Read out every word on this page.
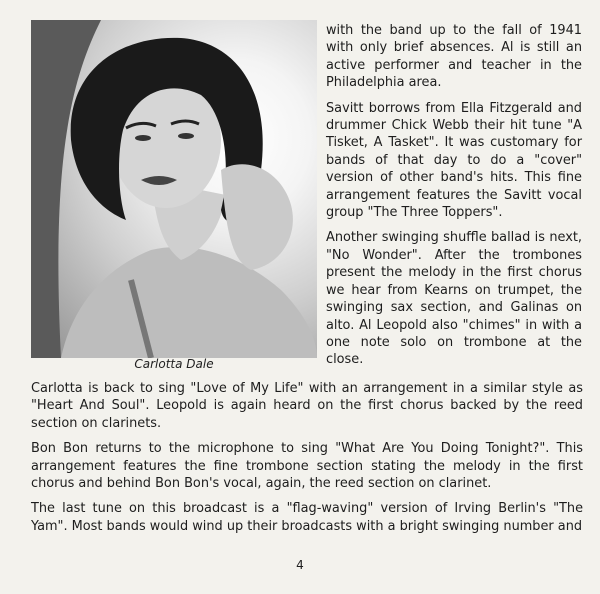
Carlotta Dale

with the band up to the fall of 1941 with only brief absences. Al is still an active performer and teacher in the Philadelphia area.

Savitt borrows from Ella Fitzgerald and drummer Chick Webb their hit tune "A Tisket, A Tasket". It was customary for bands of that day to do a "cover" version of other band's hits. This fine arrangement features the Savitt vocal group "The Three Toppers".

Another swinging shuffle ballad is next, "No Wonder". After the trombones present the melody in the first chorus we hear from Kearns on trumpet, the swinging sax section, and Galinas on alto. Al Leopold also "chimes" in with a one note solo on trombone at the close.

Carlotta is back to sing "Love of My Life" with an arrangement in a similar style as "Heart And Soul". Leopold is again heard on the first chorus backed by the reed section on clarinets.

Bon Bon returns to the microphone to sing "What Are You Doing Tonight?". This arrangement features the fine trombone section stating the melody in the first chorus and behind Bon Bon's vocal, again, the reed section on clarinet.

The last tune on this broadcast is a "flag-waving" version of Irving Berlin's "The Yam". Most bands would wind up their broadcasts with a bright swinging number and

4
